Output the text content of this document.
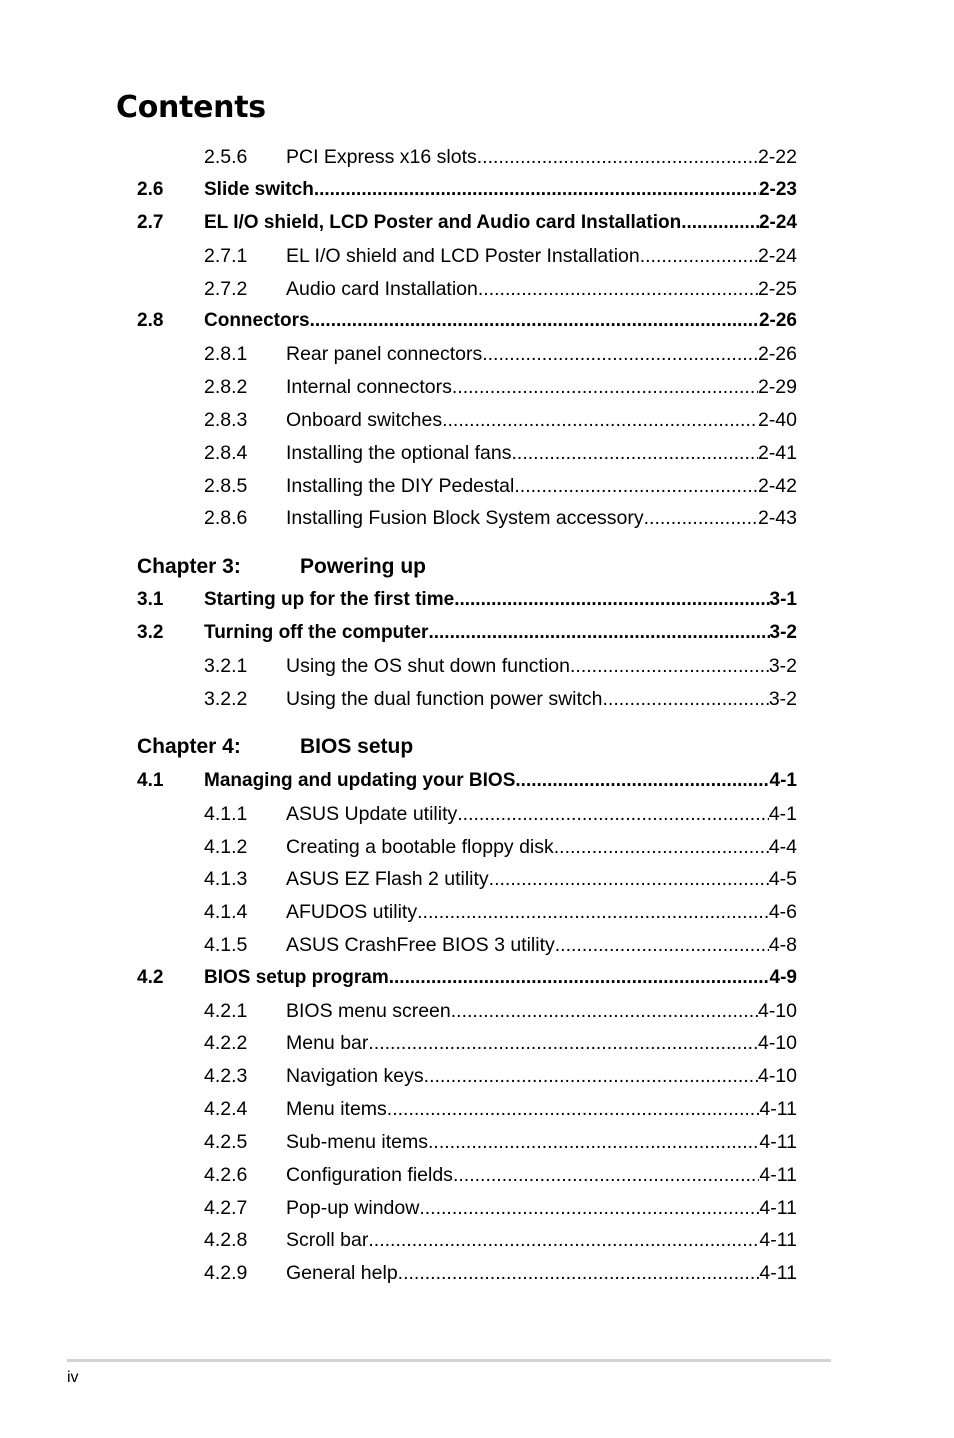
Contents
2.5.6 PCI Express x16 slots .....	2-22
2.6 Slide switch .....	2-23
2.7 EL I/O shield, LCD Poster and Audio card Installation .....	2-24
2.7.1 EL I/O shield and LCD Poster Installation .....	2-24
2.7.2 Audio card Installation .....	2-25
2.8 Connectors .....	2-26
2.8.1 Rear panel connectors .....	2-26
2.8.2 Internal connectors .....	2-29
2.8.3 Onboard switches .....	2-40
2.8.4 Installing the optional fans .....	2-41
2.8.5 Installing the DIY Pedestal .....	2-42
2.8.6 Installing Fusion Block System accessory .....	2-43
Chapter 3:	Powering up
3.1 Starting up for the first time .....	3-1
3.2 Turning off the computer .....	3-2
3.2.1 Using the OS shut down function .....	3-2
3.2.2 Using the dual function power switch .....	3-2
Chapter 4:	BIOS setup
4.1 Managing and updating your BIOS .....	4-1
4.1.1 ASUS Update utility .....	4-1
4.1.2 Creating a bootable floppy disk .....	4-4
4.1.3 ASUS EZ Flash 2 utility .....	4-5
4.1.4 AFUDOS utility .....	4-6
4.1.5 ASUS CrashFree BIOS 3 utility .....	4-8
4.2 BIOS setup program .....	4-9
4.2.1 BIOS menu screen .....	4-10
4.2.2 Menu bar .....	4-10
4.2.3 Navigation keys .....	4-10
4.2.4 Menu items .....	4-11
4.2.5 Sub-menu items .....	4-11
4.2.6 Configuration fields .....	4-11
4.2.7 Pop-up window .....	4-11
4.2.8 Scroll bar .....	4-11
4.2.9 General help .....	4-11
iv
